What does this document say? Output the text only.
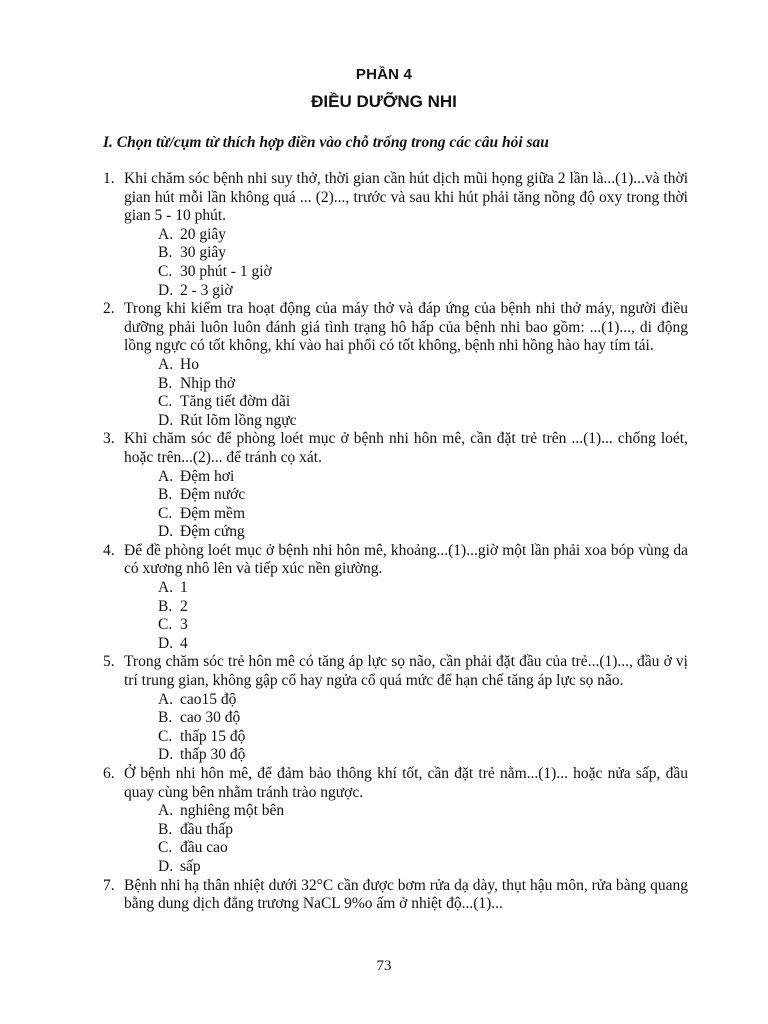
PHẦN 4
ĐIỀU DƯỠNG NHI
I. Chọn từ/cụm từ thích hợp điền vào chỗ trống trong các câu hỏi sau
1. Khi chăm sóc bệnh nhi suy thở, thời gian cần hút dịch mũi họng giữa 2 lần là...(1)...và thời gian hút mỗi lần không quá ... (2)..., trước và sau khi hút phải tăng nồng độ oxy trong thời gian 5 - 10 phút.
A. 20 giây
B. 30 giây
C. 30 phút - 1 giờ
D. 2 - 3 giờ
2. Trong khi kiểm tra hoạt động của máy thở và đáp ứng của bệnh nhi thở máy, người điều dưỡng phải luôn luôn đánh giá tình trạng hô hấp của bệnh nhi bao gồm: ...(1)..., di động lồng ngực có tốt không, khí vào hai phổi có tốt không, bệnh nhi hồng hào hay tím tái.
A. Ho
B. Nhịp thở
C. Tăng tiết đờm dãi
D. Rút lõm lồng ngực
3. Khi chăm sóc để phòng loét mục ở bệnh nhi hôn mê, cần đặt trẻ trên ...(1)... chống loét, hoặc trên...(2)... để tránh cọ xát.
A. Đệm hơi
B. Đệm nước
C. Đệm mềm
D. Đệm cứng
4. Để đề phòng loét mục ở bệnh nhi hôn mê, khoảng...(1)...giờ một lần phải xoa bóp vùng da có xương nhô lên và tiếp xúc nền giường.
A. 1
B. 2
C. 3
D. 4
5. Trong chăm sóc trẻ hôn mê có tăng áp lực sọ não, cần phải đặt đầu của trẻ...(1)..., đầu ở vị trí trung gian, không gập cổ hay ngửa cổ quá mức để hạn chế tăng áp lực sọ não.
A. cao15 độ
B. cao 30 độ
C. thấp 15 độ
D. thấp 30 độ
6. Ở bệnh nhi hôn mê, để đảm bảo thông khí tốt, cần đặt trẻ nằm...(1)... hoặc nửa sấp, đầu quay cùng bên nhằm tránh trào ngược.
A. nghiêng một bên
B. đầu thấp
C. đầu cao
D. sấp
7. Bệnh nhi hạ thân nhiệt dưới 32°C cần được bơm rửa dạ dày, thụt hậu môn, rửa bàng quang bằng dung dịch đẳng trương NaCL 9%o ấm ở nhiệt độ...(1)...
73
